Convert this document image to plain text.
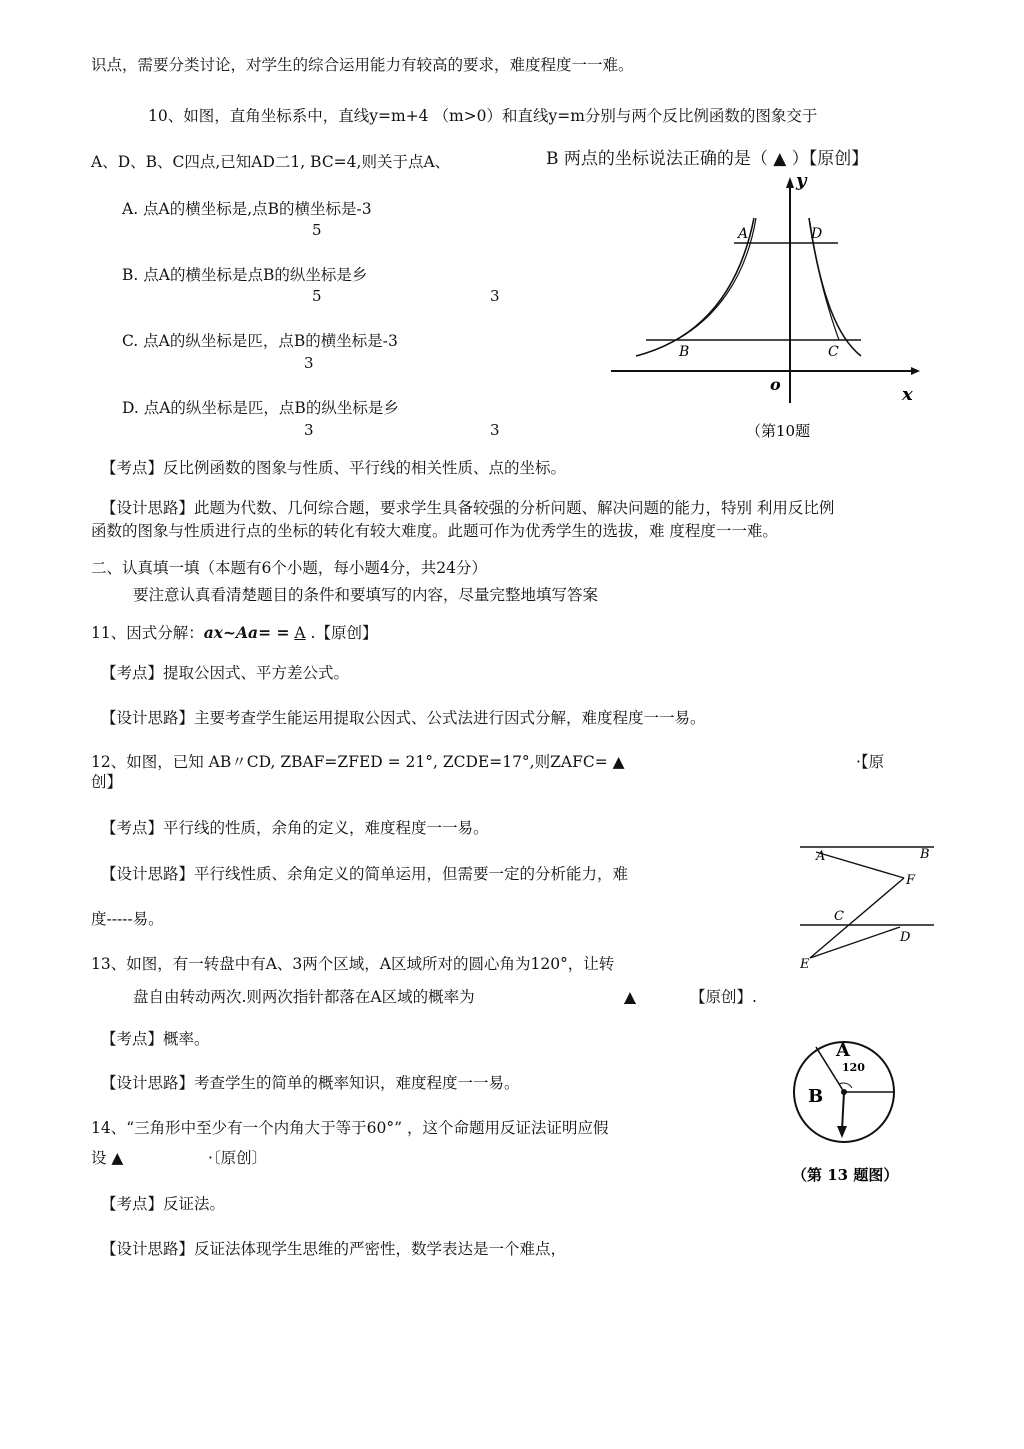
识点，需要分类讨论，对学生的综合运用能力有较高的要求，难度程度一一难。
10、如图，直角坐标系中，直线y=m+4 （m>0）和直线y=m分别与两个反比例函数的图象交于
A、D、B、C四点,已知AD二1, BC=4,则关于点A、	B 两点的坐标说法正确的是（ ▲ ）【原创】
A. 点A的横坐标是,点B的横坐标是-3
5
B. 点A的横坐标是点B的纵坐标是乡
5	3
C. 点A的纵坐标是匹，点B的横坐标是-3
3
D. 点A的纵坐标是匹，点B的纵坐标是乡
3	3
【考点】反比例函数的图象与性质、平行线的相关性质、点的坐标。
【设计思路】此题为代数、几何综合题，要求学生具备较强的分析问题、解决问题的能力，特别 利用反比例
函数的图象与性质进行点的坐标的转化有较大难度。此题可作为优秀学生的选拔，难 度程度一一难。
二、认真填一填（本题有6个小题，每小题4分，共24分）
要注意认真看清楚题目的条件和要填写的内容，尽量完整地填写答案
11、因式分解：ax~Aa= = A .【原创】
【考点】提取公因式、平方差公式。
【设计思路】主要考查学生能运用提取公因式、公式法进行因式分解，难度程度一一易。
12、如图，已知 AB〃CD, ZBAF=ZFED = 21°, ZCDE=17°,则ZAFC= ▲	·【原
创】
【考点】平行线的性质，余角的定义，难度程度一一易。
【设计思路】平行线性质、余角定义的简单运用，但需要一定的分析能力，难
度-----易。
13、如图，有一转盘中有A、3两个区域，A区域所对的圆心角为120°，让转
盘自由转动两次.则两次指针都落在A区域的概率为	▲	【原创】.
【考点】概率。
【设计思路】考查学生的简单的概率知识，难度程度一一易。
14、“三角形中至少有一个内角大于等于60°” ，这个命题用反证法证明应假
设 ▲	·〔原创〕
【考点】反证法。
【设计思路】反证法体现学生思维的严密性，数学表达是一个难点，
y
x
o
A	D
B	C
（第10题
A	B
F
C
D
E
A
120
B
（第 13 题图）
